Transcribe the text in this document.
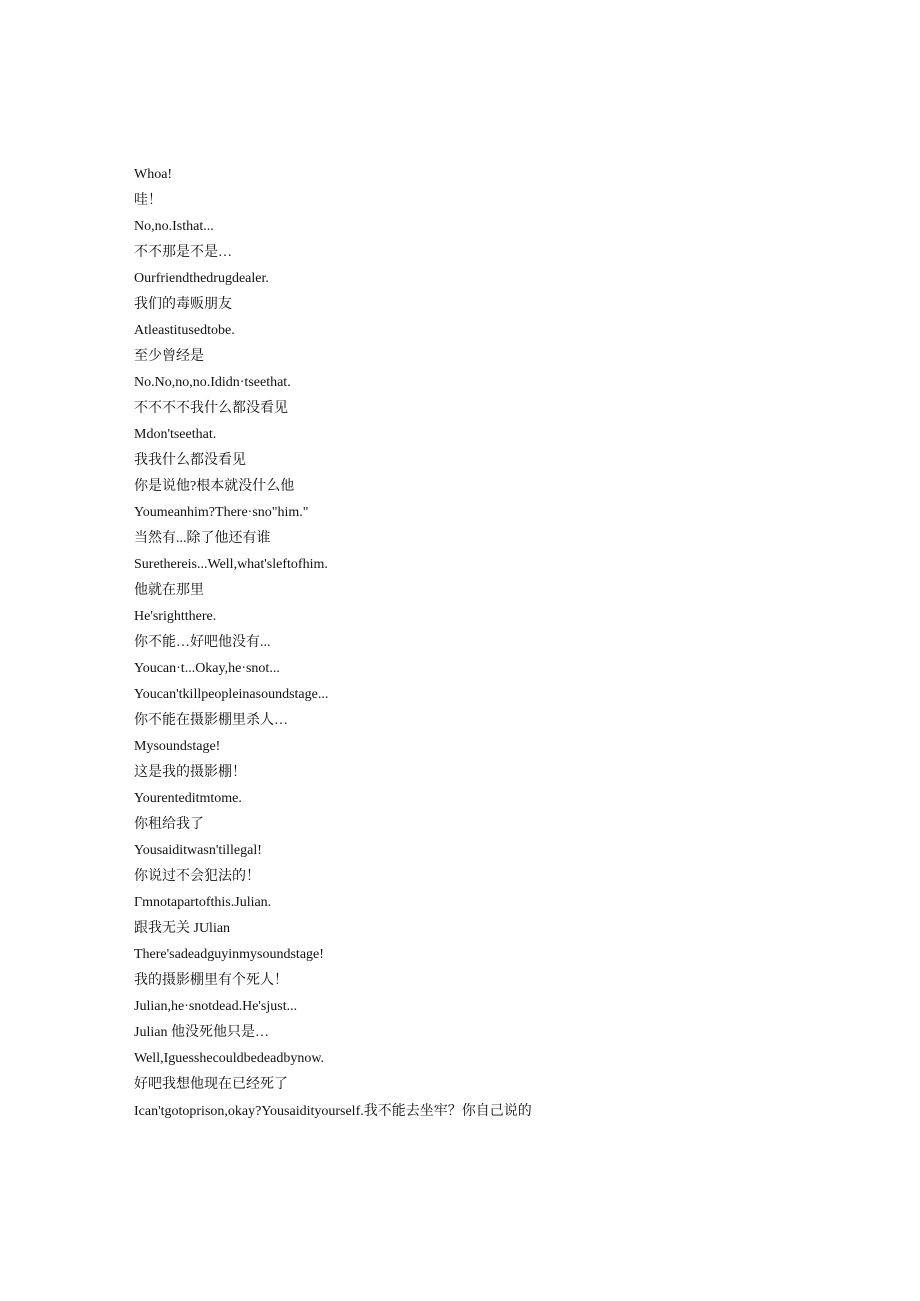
Whoa!
哇！
No,no.Isthat...
不不那是不是…
Ourfriendthedrugdealer.
我们的毒贩朋友
Atleastitusedtobe.
至少曾经是
No.No,no,no.Ididn·tseethat.
不不不不我什么都没看见
Mdon'tseethat.
我我什么都没看见
你是说他?根本就没什么他
Youmeanhim?There·sno"him."
当然有...除了他还有谁
Surethereis...Well,what'sleftofhim.
他就在那里
He'srightthere.
你不能…好吧他没有...
Youcan·t...Okay,he·snot...
Youcan'tkillpeopleinasoundstage...
你不能在摄影棚里杀人…
Mysoundstage!
这是我的摄影棚！
Yourenteditmtome.
你租给我了
Yousaiditwasn'tillegal!
你说过不会犯法的！
Γmnotapartofthis.Julian.
跟我无关 JUlian
There'sadeadguyinmysoundstage!
我的摄影棚里有个死人！
Julian,he·snotdead.He'sjust...
Julian 他没死他只是…
Well,Iguesshecouldbedeadbynow.
好吧我想他现在已经死了
Ican'tgotoprison,okay?Yousaidityourself.我不能去坐牢？你自己说的
